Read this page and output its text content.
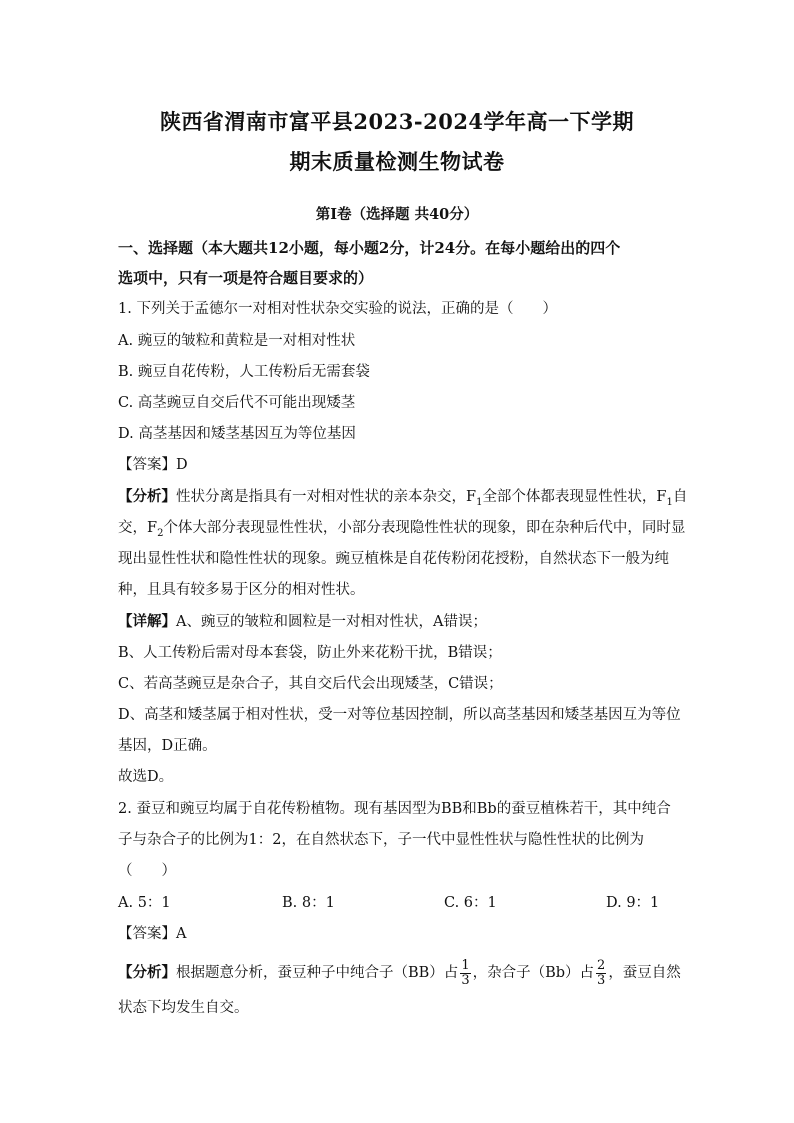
陕西省渭南市富平县2023-2024学年高一下学期
期末质量检测生物试卷
第Ⅰ卷（选择题 共40分）
一、选择题（本大题共12小题，每小题2分，计24分。在每小题给出的四个
选项中，只有一项是符合题目要求的）
1. 下列关于孟德尔一对相对性状杂交实验的说法，正确的是（　　）
A. 豌豆的皱粒和黄粒是一对相对性状
B. 豌豆自花传粉，人工传粉后无需套袋
C. 高茎豌豆自交后代不可能出现矮茎
D. 高茎基因和矮茎基因互为等位基因
【答案】D
【分析】性状分离是指具有一对相对性状的亲本杂交，$F_1$全部个体都表现显性性状，$F_1$自
交，$F_2$个体大部分表现显性性状，小部分表现隐性性状的现象，即在杂种后代中，同时显
现出显性性状和隐性性状的现象。豌豆植株是自花传粉闭花授粉，自然状态下一般为纯
种，且具有较多易于区分的相对性状。
【详解】A、豌豆的皱粒和圆粒是一对相对性状，A错误；
B、人工传粉后需对母本套袋，防止外来花粉干扰，B错误；
C、若高茎豌豆是杂合子，其自交后代会出现矮茎，C错误；
D、高茎和矮茎属于相对性状，受一对等位基因控制，所以高茎基因和矮茎基因互为等位
基因，D正确。
故选D。
2. 蚕豆和豌豆均属于自花传粉植物。现有基因型为BB和Bb的蚕豆植株若干，其中纯合
子与杂合子的比例为1：2，在自然状态下，子一代中显性性状与隐性性状的比例为
（　　）
A. 5：1	B. 8：1	C. 6：1	D. 9：1
【答案】A
【分析】根据题意分析，蚕豆种子中纯合子（BB）占 $\frac{1}{3}$ ，杂合子（Bb）占 $\frac{2}{3}$ ，蚕豆自然
状态下均发生自交。
